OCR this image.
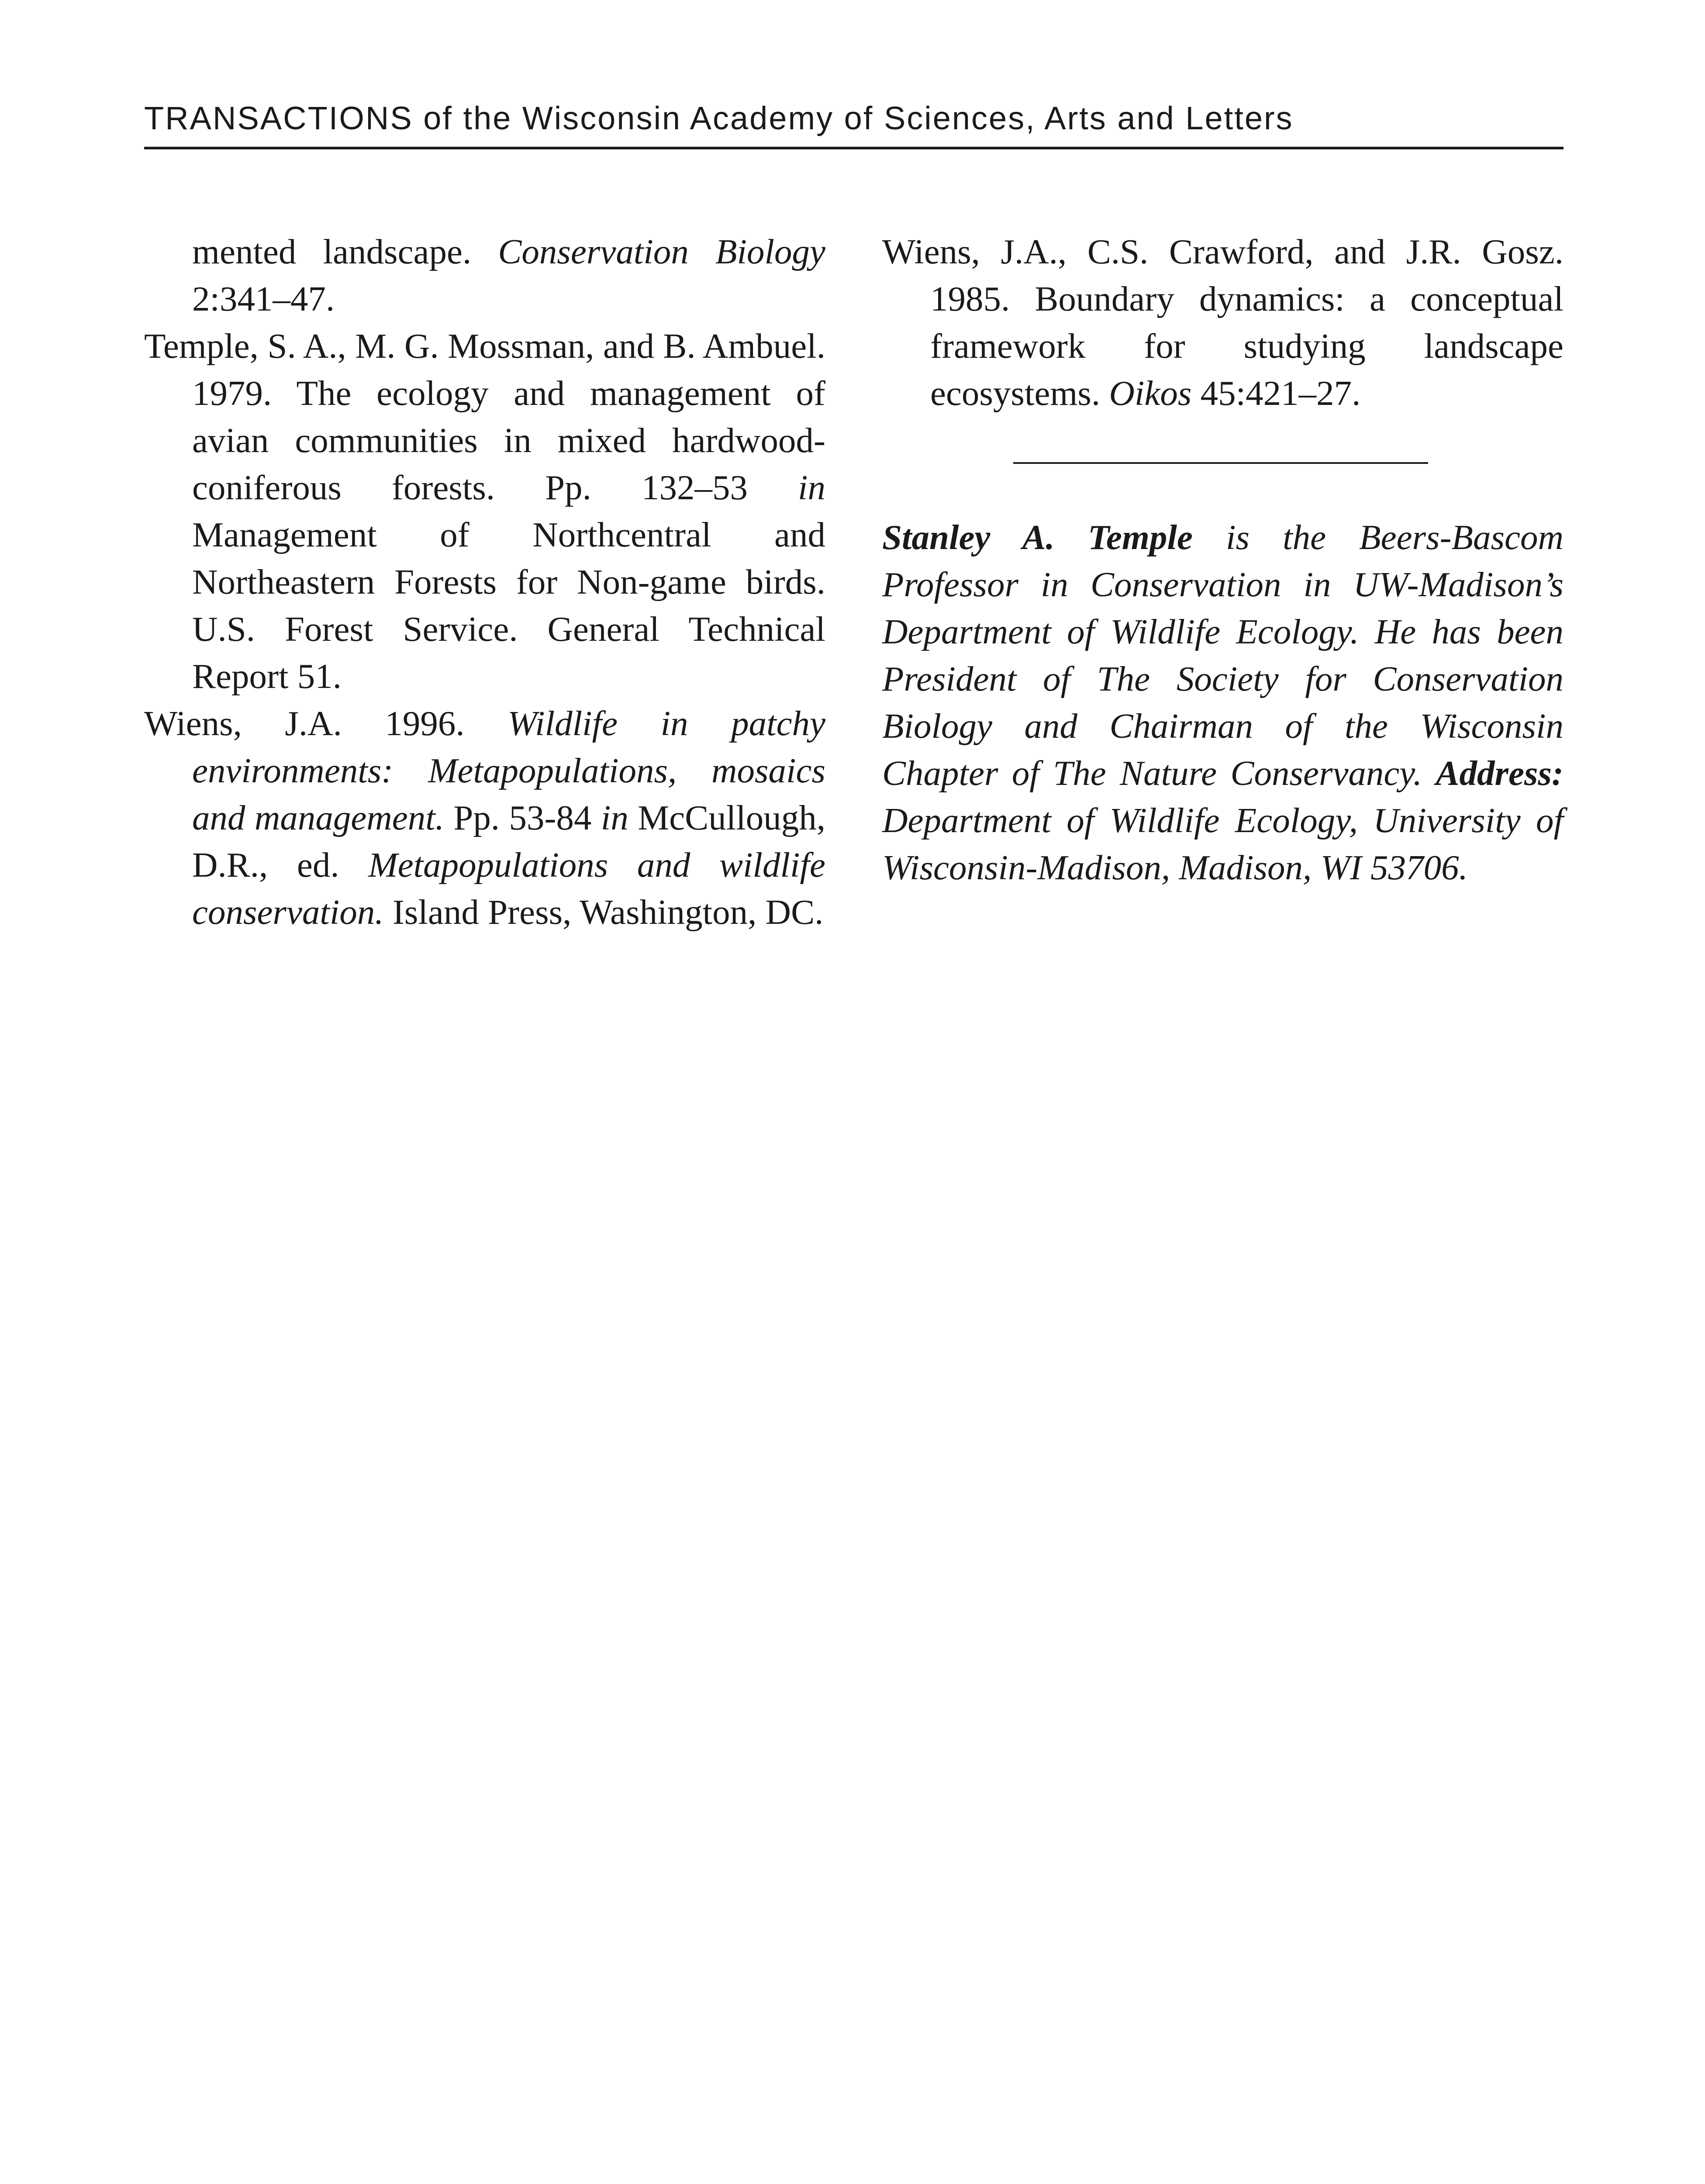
TRANSACTIONS of the Wisconsin Academy of Sciences, Arts and Letters

mented landscape. Conservation Biology 2:341–47.

Temple, S. A., M. G. Mossman, and B. Ambuel. 1979. The ecology and management of avian communities in mixed hardwood-coniferous forests. Pp. 132–53 in Management of Northcentral and Northeastern Forests for Non-game birds. U.S. Forest Service. General Technical Report 51.

Wiens, J.A. 1996. Wildlife in patchy environments: Metapopulations, mosaics and management. Pp. 53-84 in McCullough, D.R., ed. Metapopulations and wildlife conservation. Island Press, Washington, DC.

Wiens, J.A., C.S. Crawford, and J.R. Gosz. 1985. Boundary dynamics: a conceptual framework for studying landscape ecosystems. Oikos 45:421–27.

Stanley A. Temple is the Beers-Bascom Professor in Conservation in UW-Madison’s Department of Wildlife Ecology. He has been President of The Society for Conservation Biology and Chairman of the Wisconsin Chapter of The Nature Conservancy. Address: Department of Wildlife Ecology, University of Wisconsin-Madison, Madison, WI 53706.
